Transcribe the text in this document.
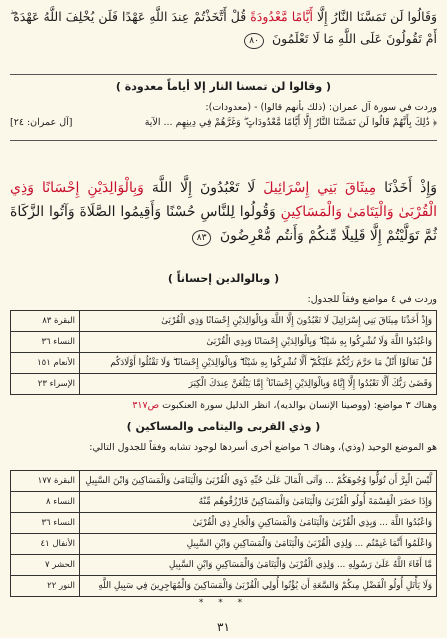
وَقَالُوا لَن تَمَسَّنَا النَّارُ إِلَّا أَيَّامًا مَّعْدُودَةً قُلْ أَتَّخَذْتُمْ عِندَ اللَّهِ عَهْدًا فَلَن يُخْلِفَ اللَّهُ عَهْدَهُ ۖ أَمْ تَقُولُونَ عَلَى اللَّهِ مَا لَا تَعْلَمُونَ ٨٠
( وقالوا لن تمسنا النار إلا أياماً معدودة )
وردت في سورة آل عمران: (ذلك بأنهم قالوا) - (معدودات):
﴿ ذَٰلِكَ بِأَنَّهُمْ قَالُوا لَن تَمَسَّنَا النَّارُ إِلَّا أَيَّامًا مَّعْدُودَاتٍ ۖ وَغَرَّهُمْ فِي دِينِهِم ... الآية
[آل عمران: ٢٤]
وَإِذْ أَخَذْنَا مِيثَاقَ بَنِي إِسْرَائِيلَ لَا تَعْبُدُونَ إِلَّا اللَّهَ وَبِالْوَالِدَيْنِ إِحْسَانًا وَذِي الْقُرْبَىٰ وَالْيَتَامَىٰ وَالْمَسَاكِينِ وَقُولُوا لِلنَّاسِ حُسْنًا وَأَقِيمُوا الصَّلَاةَ وَآتُوا الزَّكَاةَ ثُمَّ تَوَلَّيْتُمْ إِلَّا قَلِيلًا مِّنكُمْ وَأَنتُم مُّعْرِضُونَ ٨٣
( وبالوالدين إحساناً )
وردت في ٤ مواضع وفقاً للجدول:
وَإِذْ أَخَذْنَا مِيثَاقَ بَنِي إِسْرَائِيلَ لَا تَعْبُدُونَ إِلَّا اللَّهَ وَبِالْوَالِدَيْنِ إِحْسَانًا وَذِي الْقُرْبَىٰ	البقرة ٨٣
وَاعْبُدُوا اللَّهَ وَلَا تُشْرِكُوا بِهِ شَيْئًا ۖ وَبِالْوَالِدَيْنِ إِحْسَانًا وَبِذِي الْقُرْبَىٰ	النساء ٣٦
قُلْ تَعَالَوْا أَتْلُ مَا حَرَّمَ رَبُّكُمْ عَلَيْكُمْ ۖ أَلَّا تُشْرِكُوا بِهِ شَيْئًا ۖ وَبِالْوَالِدَيْنِ إِحْسَانًا ۖ وَلَا تَقْتُلُوا أَوْلَادَكُم	الأنعام ١٥١
وَقَضَىٰ رَبُّكَ أَلَّا تَعْبُدُوا إِلَّا إِيَّاهُ وَبِالْوَالِدَيْنِ إِحْسَانًا ۚ إِمَّا يَبْلُغَنَّ عِندَكَ الْكِبَرَ	الإسراء ٢٣
وهناك ٣ مواضع: (ووصينا الإنسان بوالديه)، انظر الدليل سورة العنكبوت ص٣١٧
( وذي القربى واليتامى والمساكين )
هو الموضع الوحيد (وذي)، وهناك ٦ مواضع أخرى أسردها لوجود تشابه وفقاً للجدول التالي:
لَّيْسَ الْبِرَّ أَن تُوَلُّوا وُجُوهَكُمْ ... وَآتَى الْمَالَ عَلَىٰ حُبِّهِ ذَوِي الْقُرْبَىٰ وَالْيَتَامَىٰ وَالْمَسَاكِينَ وَابْنَ السَّبِيلِ	البقرة ١٧٧
وَإِذَا حَضَرَ الْقِسْمَةَ أُولُو الْقُرْبَىٰ وَالْيَتَامَىٰ وَالْمَسَاكِينُ فَارْزُقُوهُم مِّنْهُ	النساء ٨
وَاعْبُدُوا اللَّهَ ... وَبِذِي الْقُرْبَىٰ وَالْيَتَامَىٰ وَالْمَسَاكِينِ وَالْجَارِ ذِي الْقُرْبَىٰ	النساء ٣٦
وَاعْلَمُوا أَنَّمَا غَنِمْتُم ... وَلِذِي الْقُرْبَىٰ وَالْيَتَامَىٰ وَالْمَسَاكِينِ وَابْنِ السَّبِيلِ	الأنفال ٤١
مَّا أَفَاءَ اللَّهُ عَلَىٰ رَسُولِهِ ... وَلِذِي الْقُرْبَىٰ وَالْيَتَامَىٰ وَالْمَسَاكِينِ وَابْنِ السَّبِيلِ	الحشر ٧
وَلَا يَأْتَلِ أُولُو الْفَضْلِ مِنكُمْ وَالسَّعَةِ أَن يُؤْتُوا أُولِي الْقُرْبَىٰ وَالْمَسَاكِينَ وَالْمُهَاجِرِينَ فِي سَبِيلِ اللَّهِ	النور ٢٢
* * *
٣١
